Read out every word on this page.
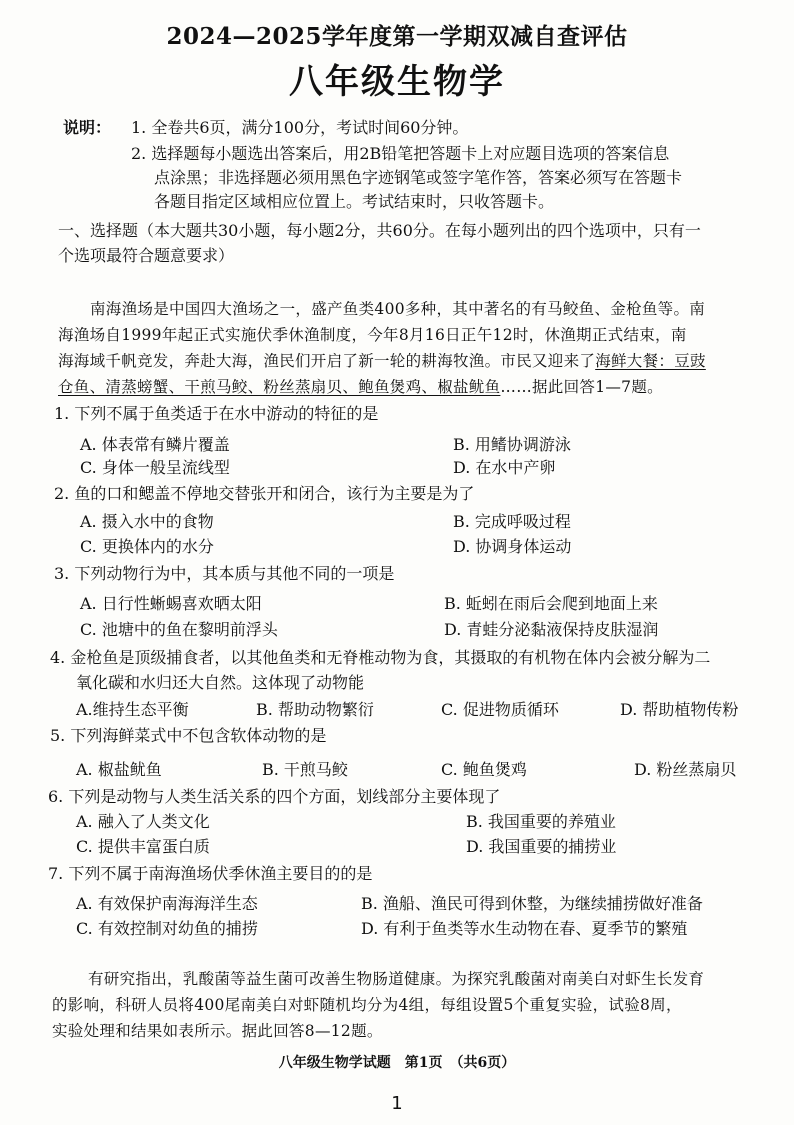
2024—2025学年度第一学期双减自查评估
八年级生物学
说明： 1. 全卷共6页，满分100分，考试时间60分钟。
2. 选择题每小题选出答案后，用2B铅笔把答题卡上对应题目选项的答案信息
点涂黑；非选择题必须用黑色字迹钢笔或签字笔作答，答案必须写在答题卡
各题目指定区域相应位置上。考试结束时，只收答题卡。
一、选择题（本大题共30小题，每小题2分，共60分。在每小题列出的四个选项中，只有一
个选项最符合题意要求）
南海渔场是中国四大渔场之一，盛产鱼类400多种，其中著名的有马鲛鱼、金枪鱼等。南
海渔场自1999年起正式实施伏季休渔制度，今年8月16日正午12时，休渔期正式结束，南
海海域千帆竞发，奔赴大海，渔民们开启了新一轮的耕海牧渔。市民又迎来了海鲜大餐：豆豉
仓鱼、清蒸螃蟹、干煎马鲛、粉丝蒸扇贝、鲍鱼煲鸡、椒盐鱿鱼……据此回答1—7题。
1. 下列不属于鱼类适于在水中游动的特征的是
A. 体表常有鳞片覆盖	B. 用鳍协调游泳
C. 身体一般呈流线型	D. 在水中产卵
2. 鱼的口和鳃盖不停地交替张开和闭合，该行为主要是为了
A. 摄入水中的食物	B. 完成呼吸过程
C. 更换体内的水分	D. 协调身体运动
3. 下列动物行为中，其本质与其他不同的一项是
A. 日行性蜥蜴喜欢晒太阳	B. 蚯蚓在雨后会爬到地面上来
C. 池塘中的鱼在黎明前浮头	D. 青蛙分泌黏液保持皮肤湿润
4. 金枪鱼是顶级捕食者，以其他鱼类和无脊椎动物为食，其摄取的有机物在体内会被分解为二
氧化碳和水归还大自然。这体现了动物能
A.维持生态平衡	B. 帮助动物繁衍	C. 促进物质循环	D. 帮助植物传粉
5. 下列海鲜菜式中不包含软体动物的是
A. 椒盐鱿鱼	B. 干煎马鲛	C. 鲍鱼煲鸡	D. 粉丝蒸扇贝
6. 下列是动物与人类生活关系的四个方面，划线部分主要体现了
A. 融入了人类文化	B. 我国重要的养殖业
C. 提供丰富蛋白质	D. 我国重要的捕捞业
7. 下列不属于南海渔场伏季休渔主要目的的是
A. 有效保护南海海洋生态	B. 渔船、渔民可得到休整，为继续捕捞做好准备
C. 有效控制对幼鱼的捕捞	D. 有利于鱼类等水生动物在春、夏季节的繁殖
有研究指出，乳酸菌等益生菌可改善生物肠道健康。为探究乳酸菌对南美白对虾生长发育
的影响，科研人员将400尾南美白对虾随机均分为4组，每组设置5个重复实验，试验8周，
实验处理和结果如表所示。据此回答8—12题。
八年级生物学试题　第1页　（共6页）
1
